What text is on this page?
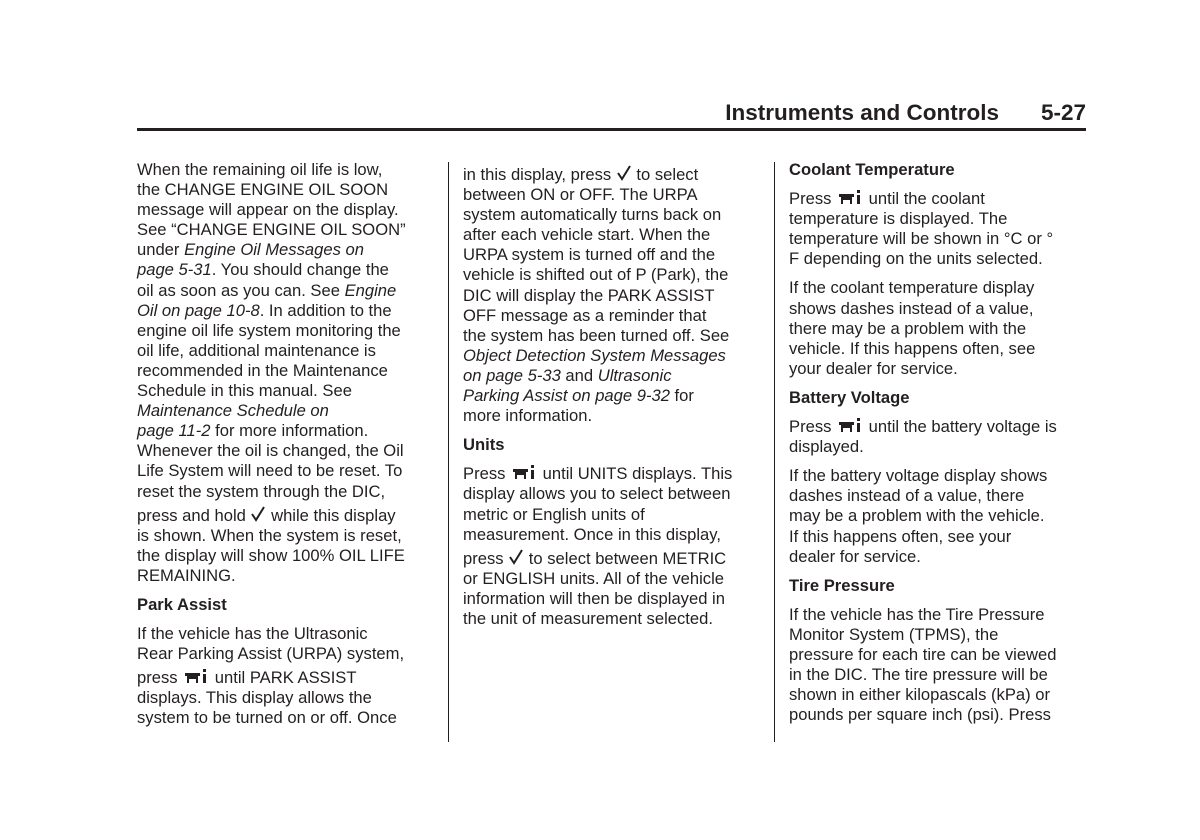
Instruments and Controls 5-27

When the remaining oil life is low,
the CHANGE ENGINE OIL SOON
message will appear on the display.
See “CHANGE ENGINE OIL SOON”
under Engine Oil Messages on
page 5-31. You should change the
oil as soon as you can. See Engine
Oil on page 10-8. In addition to the
engine oil life system monitoring the
oil life, additional maintenance is
recommended in the Maintenance
Schedule in this manual. See
Maintenance Schedule on
page 11-2 for more information.
Whenever the oil is changed, the Oil
Life System will need to be reset. To
reset the system through the DIC,
press and hold  while this display
is shown. When the system is reset,
the display will show 100% OIL LIFE
REMAINING.

Park Assist

If the vehicle has the Ultrasonic
Rear Parking Assist (URPA) system,
press  until PARK ASSIST
displays. This display allows the
system to be turned on or off. Once

in this display, press  to select
between ON or OFF. The URPA
system automatically turns back on
after each vehicle start. When the
URPA system is turned off and the
vehicle is shifted out of P (Park), the
DIC will display the PARK ASSIST
OFF message as a reminder that
the system has been turned off. See
Object Detection System Messages
on page 5-33 and Ultrasonic
Parking Assist on page 9-32 for
more information.

Units

Press  until UNITS displays. This
display allows you to select between
metric or English units of
measurement. Once in this display,
press  to select between METRIC
or ENGLISH units. All of the vehicle
information will then be displayed in
the unit of measurement selected.

Coolant Temperature

Press  until the coolant
temperature is displayed. The
temperature will be shown in °C or °
F depending on the units selected.

If the coolant temperature display
shows dashes instead of a value,
there may be a problem with the
vehicle. If this happens often, see
your dealer for service.

Battery Voltage

Press  until the battery voltage is
displayed.

If the battery voltage display shows
dashes instead of a value, there
may be a problem with the vehicle.
If this happens often, see your
dealer for service.

Tire Pressure

If the vehicle has the Tire Pressure
Monitor System (TPMS), the
pressure for each tire can be viewed
in the DIC. The tire pressure will be
shown in either kilopascals (kPa) or
pounds per square inch (psi). Press
